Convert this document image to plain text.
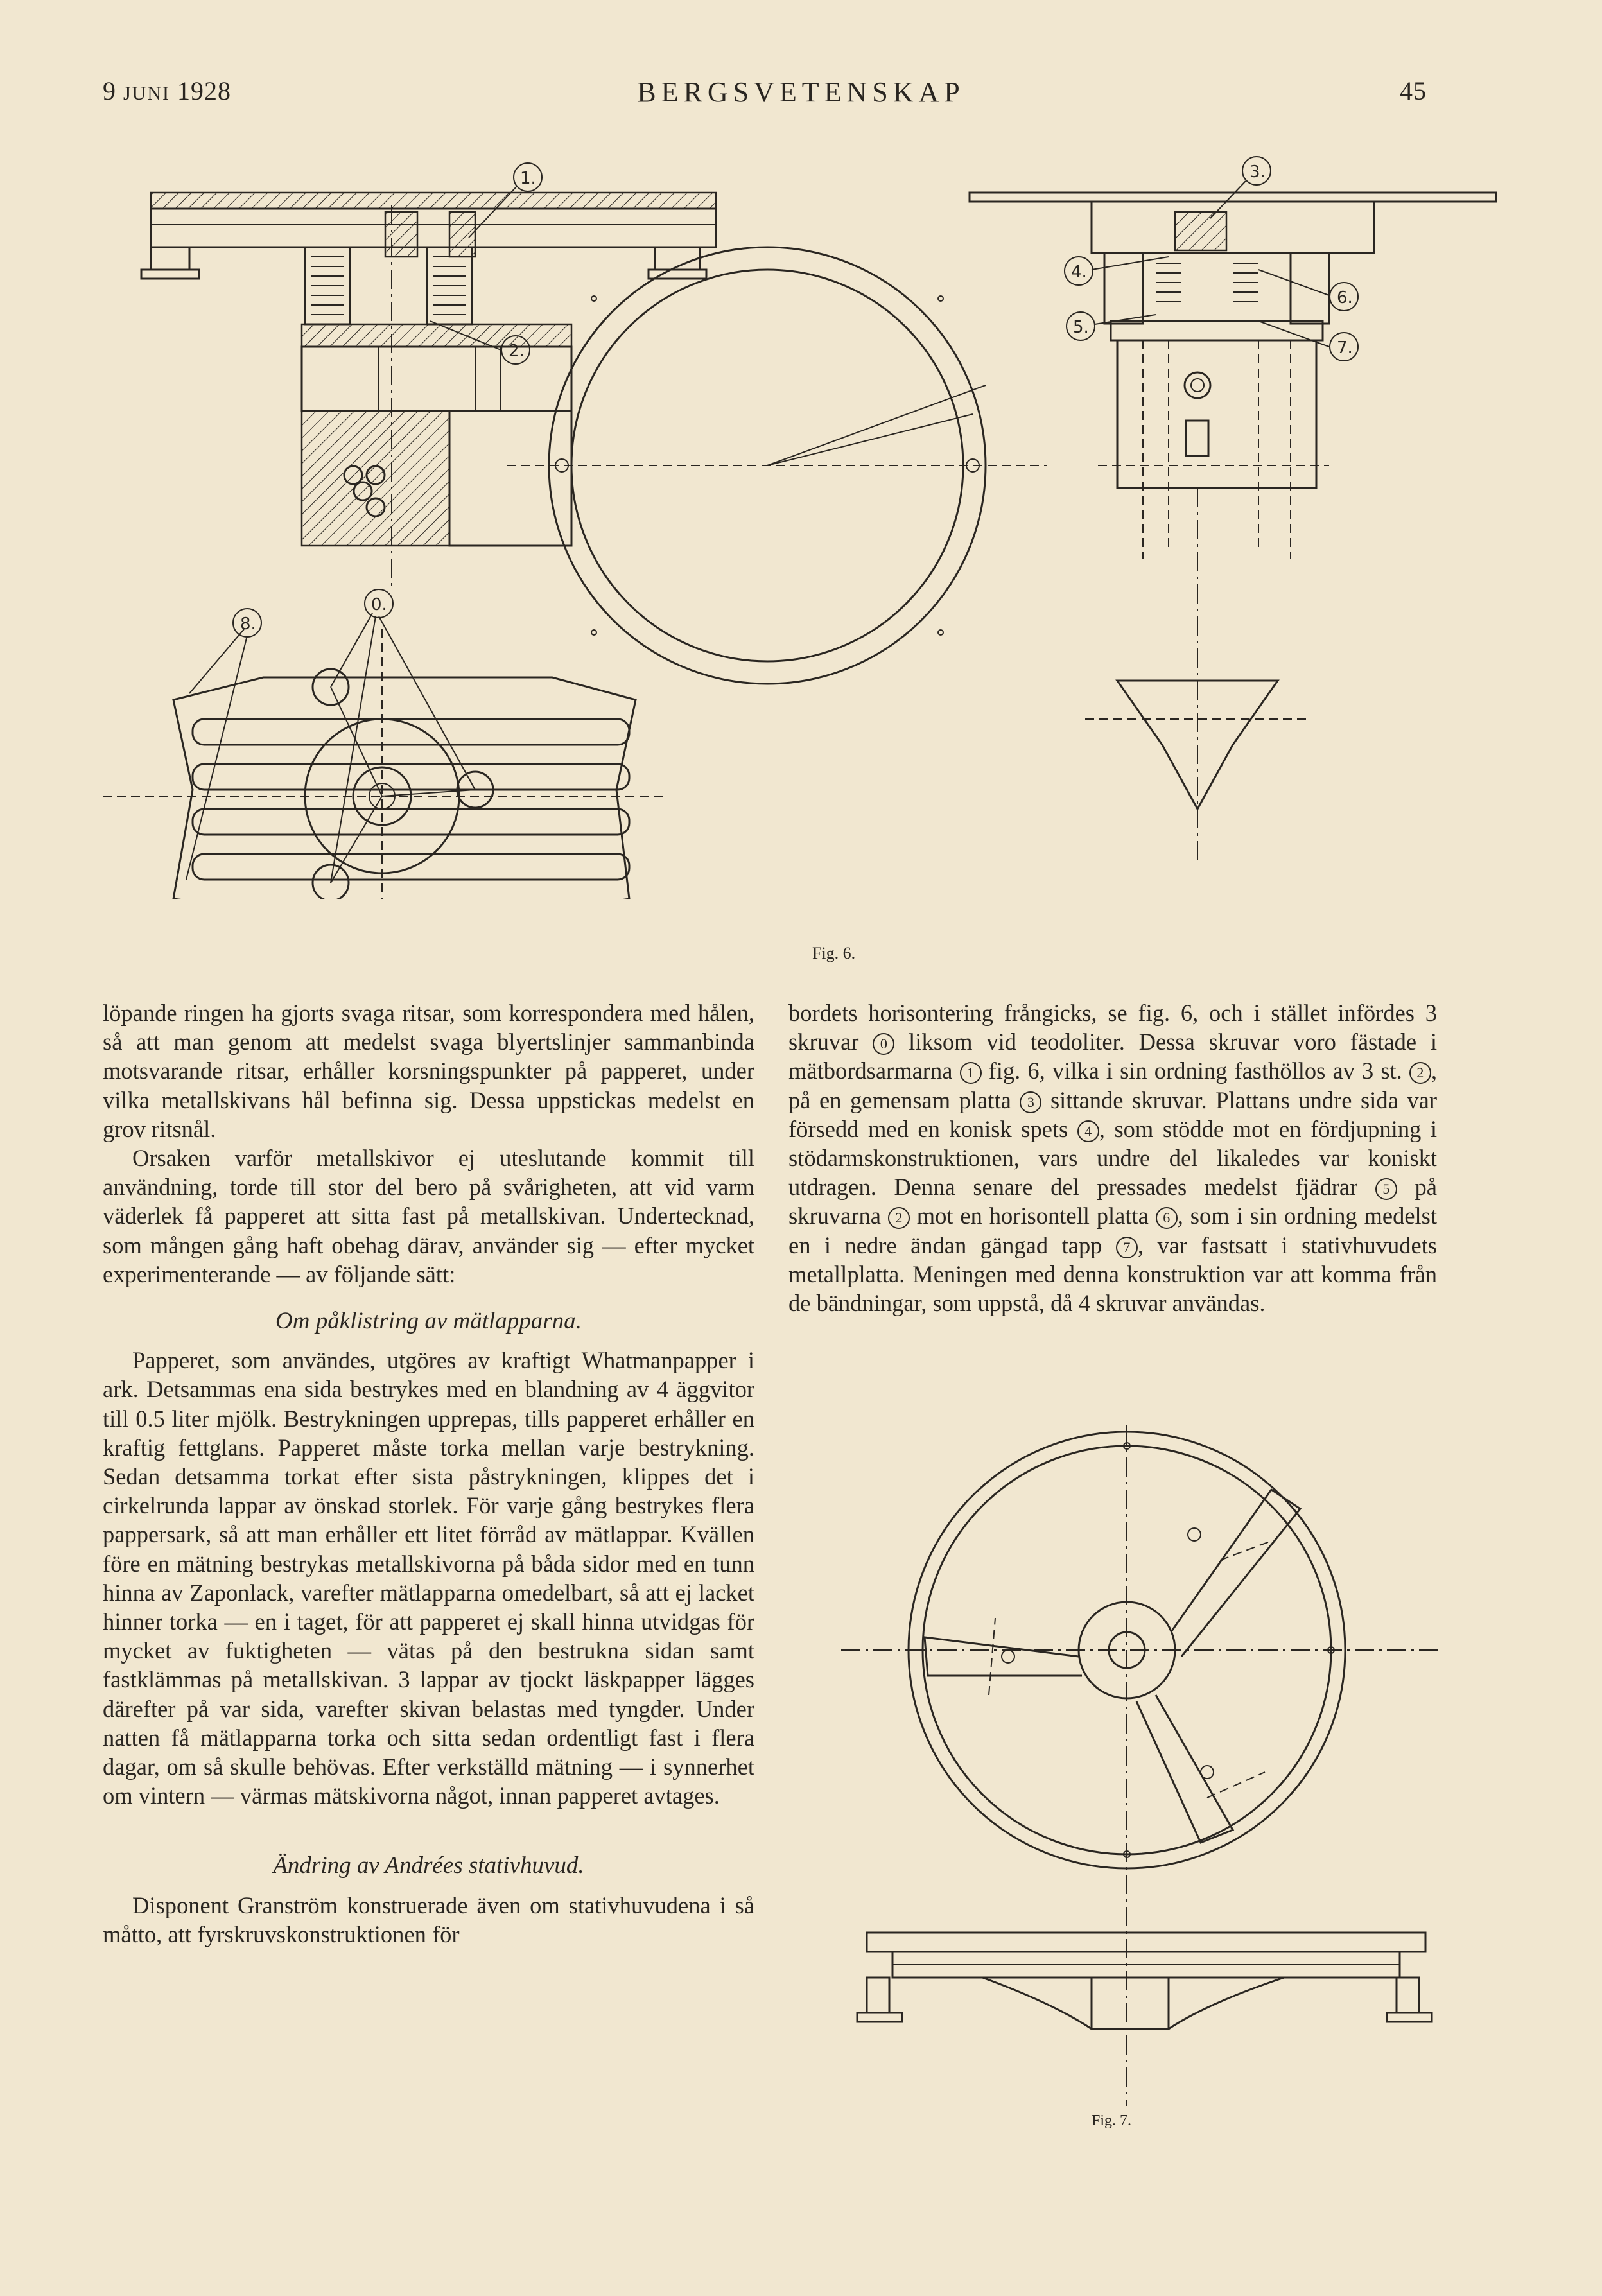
9 JUNI 1928	BERGSVETENSKAP	45
1.
2.
3.
4.
5.
6.
7.
8.
0.
Fig. 6.

löpande ringen ha gjorts svaga ritsar, som korrespondera med hålen, så att man genom att medelst svaga blyertslinjer sammanbinda motsvarande ritsar, erhåller korsningspunkter på papperet, under vilka metallskivans hål befinna sig. Dessa uppstickas medelst en grov ritsnål.

Orsaken varför metallskivor ej uteslutande kommit till användning, torde till stor del bero på svårigheten, att vid varm väderlek få papperet att sitta fast på metallskivan. Undertecknad, som mången gång haft obehag därav, använder sig — efter mycket experimenterande — av följande sätt:

Om påklistring av mätlapparna.

Papperet, som användes, utgöres av kraftigt Whatmanpapper i ark. Detsammas ena sida bestrykes med en blandning av 4 äggvitor till 0.5 liter mjölk. Bestrykningen upprepas, tills papperet erhåller en kraftig fettglans. Papperet måste torka mellan varje bestrykning. Sedan detsamma torkat efter sista påstrykningen, klippes det i cirkelrunda lappar av önskad storlek. För varje gång bestrykes flera pappersark, så att man erhåller ett litet förråd av mätlappar. Kvällen före en mätning bestrykas metallskivorna på båda sidor med en tunn hinna av Zaponlack, varefter mätlapparna omedelbart, så att ej lacket hinner torka — en i taget, för att papperet ej skall hinna utvidgas för mycket av fuktigheten — vätas på den bestrukna sidan samt fastklämmas på metallskivan. 3 lappar av tjockt läskpapper lägges därefter på var sida, varefter skivan belastas med tyngder. Under natten få mätlapparna torka och sitta sedan ordentligt fast i flera dagar, om så skulle behövas. Efter verkställd mätning — i synnerhet om vintern — värmas mätskivorna något, innan papperet avtages.

Ändring av Andrées stativhuvud.

Disponent Granström konstruerade även om stativhuvudena i så måtto, att fyrskruvskonstruktionen för

bordets horisontering frångicks, se fig. 6, och i stället infördes 3 skruvar 0 liksom vid teodoliter. Dessa skruvar voro fästade i mätbordsarmarna 1 fig. 6, vilka i sin ordning fasthöllos av 3 st. 2 , på en gemensam platta 3 sittande skruvar. Plattans undre sida var försedd med en konisk spets 4 , som stödde mot en fördjupning i stödarmskonstruktionen, vars undre del likaledes var koniskt utdragen. Denna senare del pressades medelst fjädrar 5 på skruvarna 2 mot en horisontell platta 6 , som i sin ordning medelst en i nedre ändan gängad tapp 7 , var fastsatt i stativhuvudets metallplatta. Meningen med denna konstruktion var att komma från de bändningar, som uppstå, då 4 skruvar användas.

Fig. 7.
